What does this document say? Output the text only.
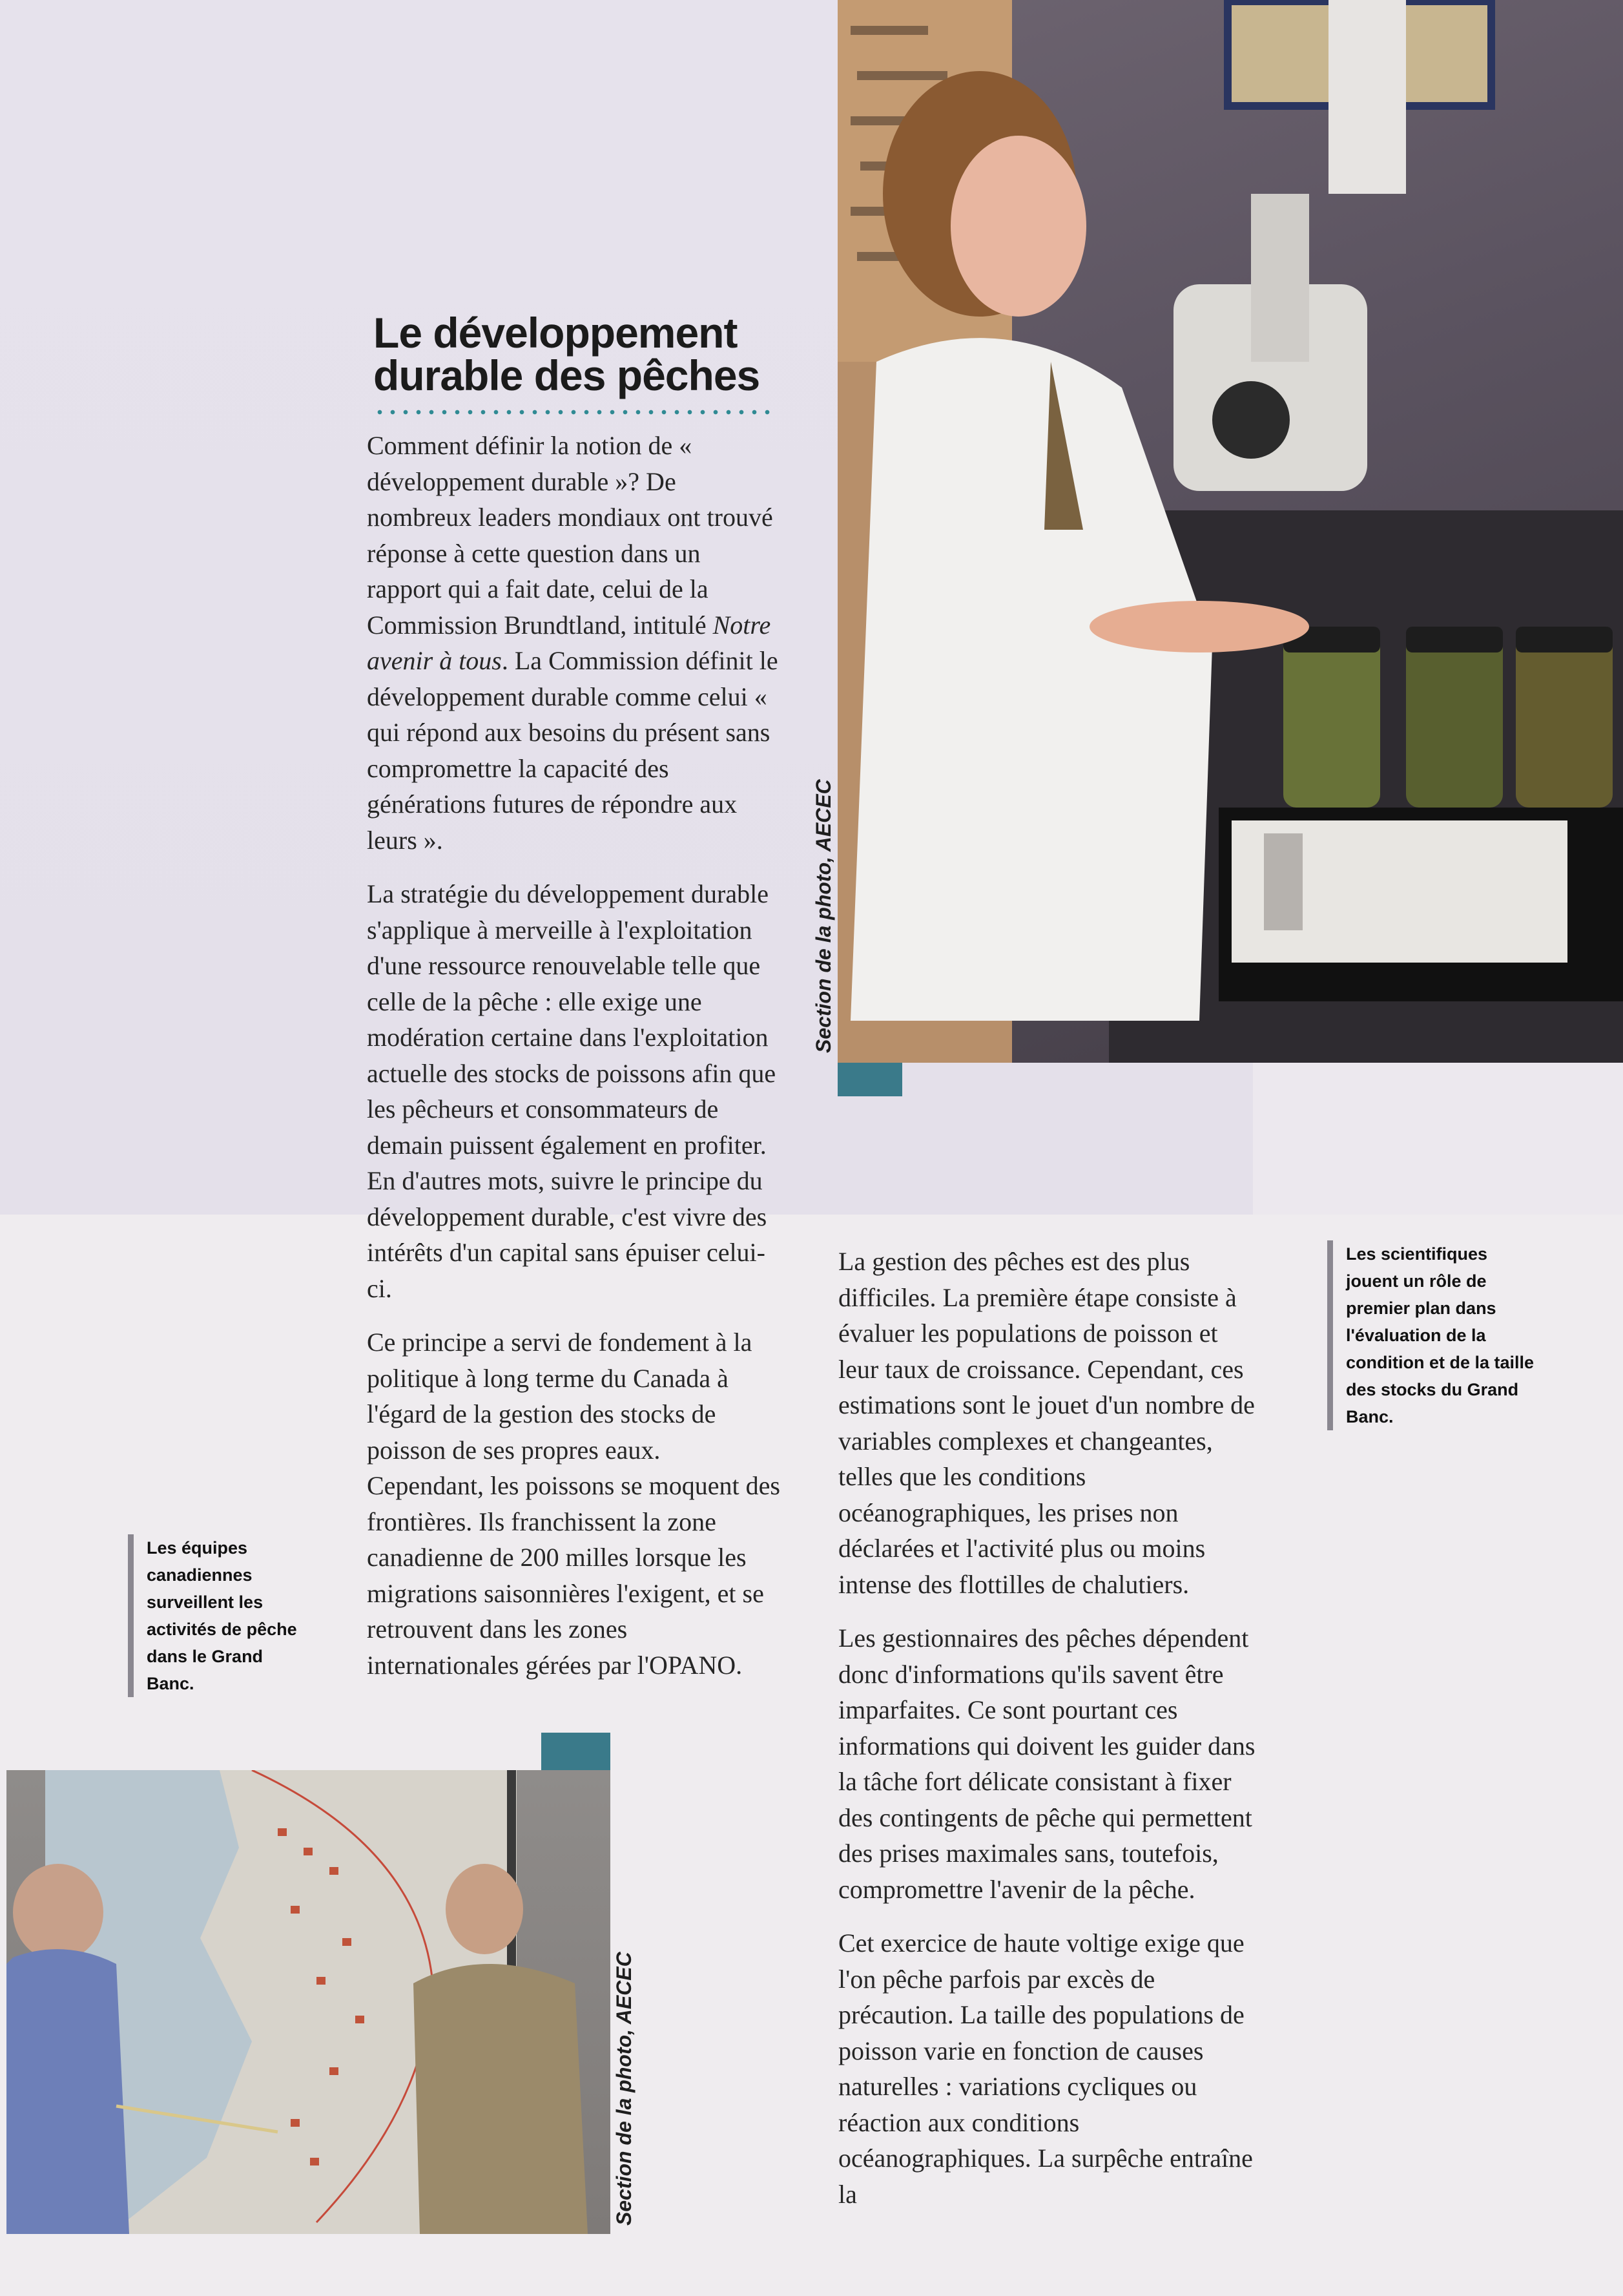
Section de la photo, AECEC
Le développement
durable des pêches

Comment définir la notion de « développement durable »? De nombreux leaders mondiaux ont trouvé réponse à cette question dans un rapport qui a fait date, celui de la Commission Brundtland, intitulé Notre avenir à tous. La Commission définit le développement durable comme celui « qui répond aux besoins du présent sans compromettre la capacité des générations futures de répondre aux leurs ».

La stratégie du développement durable s'applique à merveille à l'exploitation d'une ressource renouvelable telle que celle de la pêche : elle exige une modération certaine dans l'exploitation actuelle des stocks de poissons afin que les pêcheurs et consommateurs de demain puissent également en profiter. En d'autres mots, suivre le principe du développement durable, c'est vivre des intérêts d'un capital sans épuiser celui-ci.

Ce principe a servi de fondement à la politique à long terme du Canada à l'égard de la gestion des stocks de poisson de ses propres eaux. Cependant, les poissons se moquent des frontières. Ils franchissent la zone canadienne de 200 milles lorsque les migrations saisonnières l'exigent, et se retrouvent dans les zones internationales gérées par l'OPANO.

La gestion des pêches est des plus difficiles. La première étape consiste à évaluer les populations de poisson et leur taux de croissance. Cependant, ces estimations sont le jouet d'un nombre de variables complexes et changeantes, telles que les conditions océanographiques, les prises non déclarées et l'activité plus ou moins intense des flottilles de chalutiers.

Les gestionnaires des pêches dépendent donc d'informations qu'ils savent être imparfaites. Ce sont pourtant ces informations qui doivent les guider dans la tâche fort délicate consistant à fixer des contingents de pêche qui permettent des prises maximales sans, toutefois, compromettre l'avenir de la pêche.

Cet exercice de haute voltige exige que l'on pêche parfois par excès de précaution. La taille des populations de poisson varie en fonction de causes naturelles : variations cycliques ou réaction aux conditions océanographiques. La surpêche entraîne la

Les scientifiques jouent un rôle de premier plan dans l'évaluation de la condition et de la taille des stocks du Grand Banc.
Les équipes canadiennes surveillent les activités de pêche dans le Grand Banc.
Section de la photo, AECEC
